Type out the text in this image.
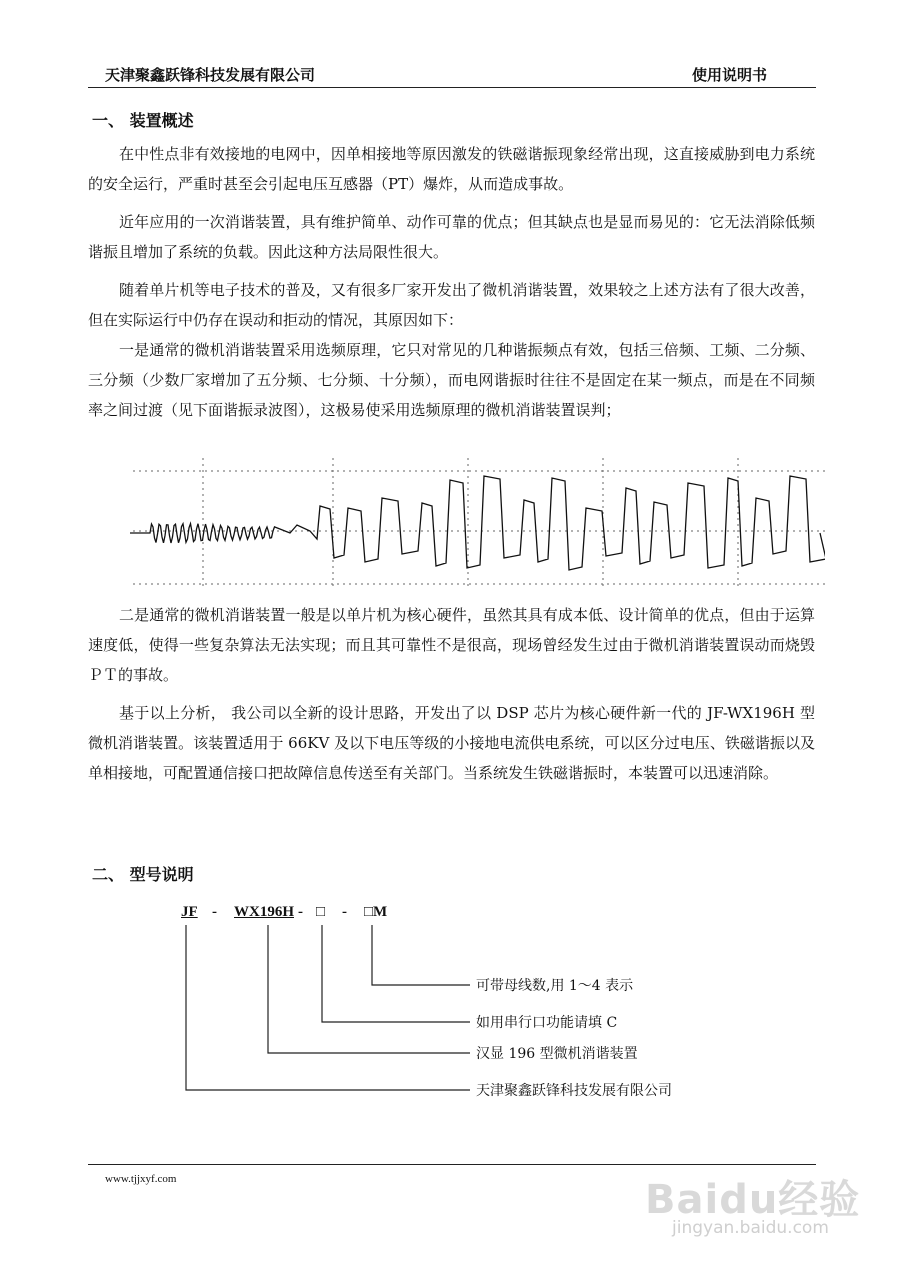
天津聚鑫跃锋科技发展有限公司	使用说明书
一、 装置概述

在中性点非有效接地的电网中，因单相接地等原因激发的铁磁谐振现象经常出现，这直接威胁到电力系统的安全运行，严重时甚至会引起电压互感器（PT）爆炸，从而造成事故。

近年应用的一次消谐装置，具有维护简单、动作可靠的优点；但其缺点也是显而易见的：它无法消除低频谐振且增加了系统的负载。因此这种方法局限性很大。

随着单片机等电子技术的普及，又有很多厂家开发出了微机消谐装置，效果较之上述方法有了很大改善，但在实际运行中仍存在误动和拒动的情况，其原因如下：

一是通常的微机消谐装置采用选频原理，它只对常见的几种谐振频点有效，包括三倍频、工频、二分频、三分频（少数厂家增加了五分频、七分频、十分频），而电网谐振时往往不是固定在某一频点，而是在不同频率之间过渡（见下面谐振录波图），这极易使采用选频原理的微机消谐装置误判；

二是通常的微机消谐装置一般是以单片机为核心硬件，虽然其具有成本低、设计简单的优点，但由于运算速度低，使得一些复杂算法无法实现；而且其可靠性不是很高，现场曾经发生过由于微机消谐装置误动而烧毁ＰＴ的事故。

基于以上分析， 我公司以全新的设计思路，开发出了以 DSP 芯片为核心硬件新一代的 JF-WX196H 型微机消谐装置。该装置适用于 66KV 及以下电压等级的小接地电流供电系统，可以区分过电压、铁磁谐振以及单相接地，可配置通信接口把故障信息传送至有关部门。当系统发生铁磁谐振时，本装置可以迅速消除。

二、 型号说明
JF - WX196H - □ - □M
可带母线数,用 1～4 表示
如用串行口功能请填 C
汉显 196 型微机消谐装置
天津聚鑫跃锋科技发展有限公司
www.tjjxyf.com	Baidu经验
jingyan.baidu.com
